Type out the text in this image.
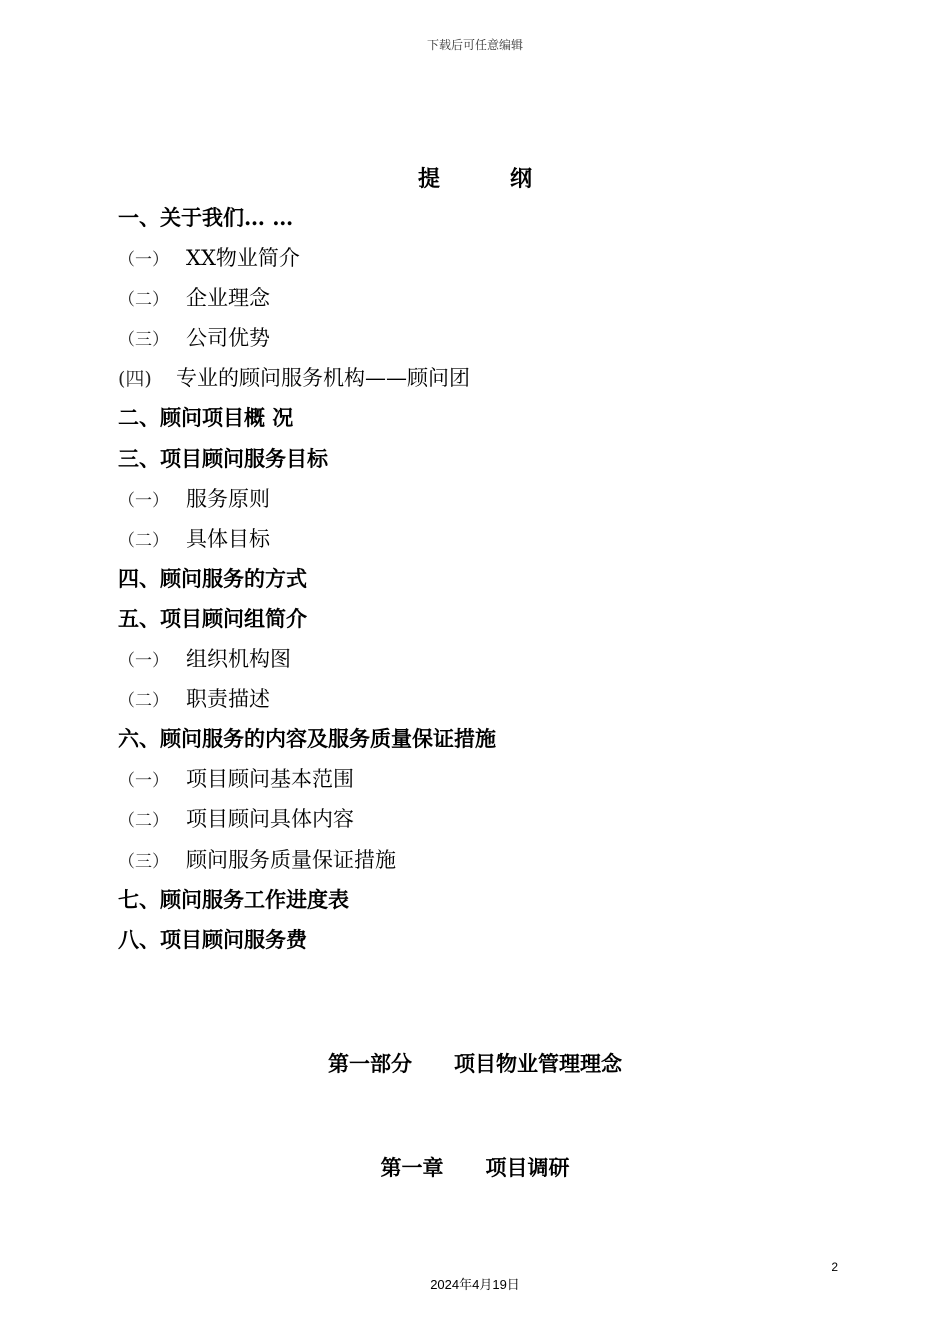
下载后可任意编辑
提纲
一、关于我们… …
（一） XX物业简介
（二） 企业理念
（三） 公司优势
(四) 专业的顾问服务机构——顾问团
二、顾问项目概 况
三、项目顾问服务目标
（一） 服务原则
（二） 具体目标
四、顾问服务的方式
五、项目顾问组简介
（一） 组织机构图
（二） 职责描述
六、顾问服务的内容及服务质量保证措施
（一） 项目顾问基本范围
（二） 项目顾问具体内容
（三） 顾问服务质量保证措施
七、顾问服务工作进度表
八、项目顾问服务费
第一部分　　项目物业管理理念
第一章　　项目调研
2
2024年4月19日
